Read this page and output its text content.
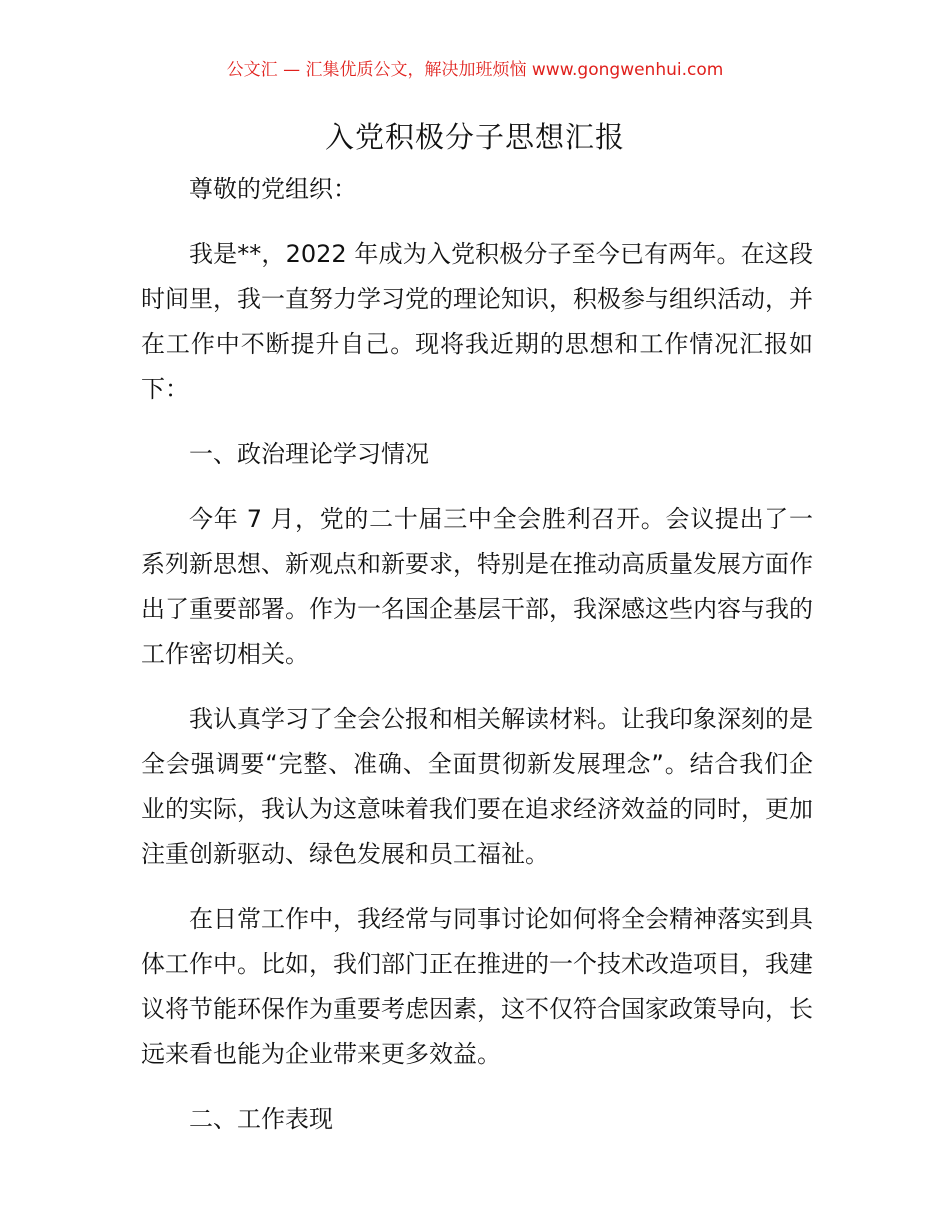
公文汇 — 汇集优质公文，解决加班烦恼 www.gongwenhui.com
入党积极分子思想汇报

尊敬的党组织：

我是**，2022 年成为入党积极分子至今已有两年。在这段时间里，我一直努力学习党的理论知识，积极参与组织活动，并在工作中不断提升自己。现将我近期的思想和工作情况汇报如下：

一、政治理论学习情况

今年 7 月，党的二十届三中全会胜利召开。会议提出了一系列新思想、新观点和新要求，特别是在推动高质量发展方面作出了重要部署。作为一名国企基层干部，我深感这些内容与我的工作密切相关。

我认真学习了全会公报和相关解读材料。让我印象深刻的是全会强调要“完整、准确、全面贯彻新发展理念”。结合我们企业的实际，我认为这意味着我们要在追求经济效益的同时，更加注重创新驱动、绿色发展和员工福祉。

在日常工作中，我经常与同事讨论如何将全会精神落实到具体工作中。比如，我们部门正在推进的一个技术改造项目，我建议将节能环保作为重要考虑因素，这不仅符合国家政策导向，长远来看也能为企业带来更多效益。

二、工作表现
